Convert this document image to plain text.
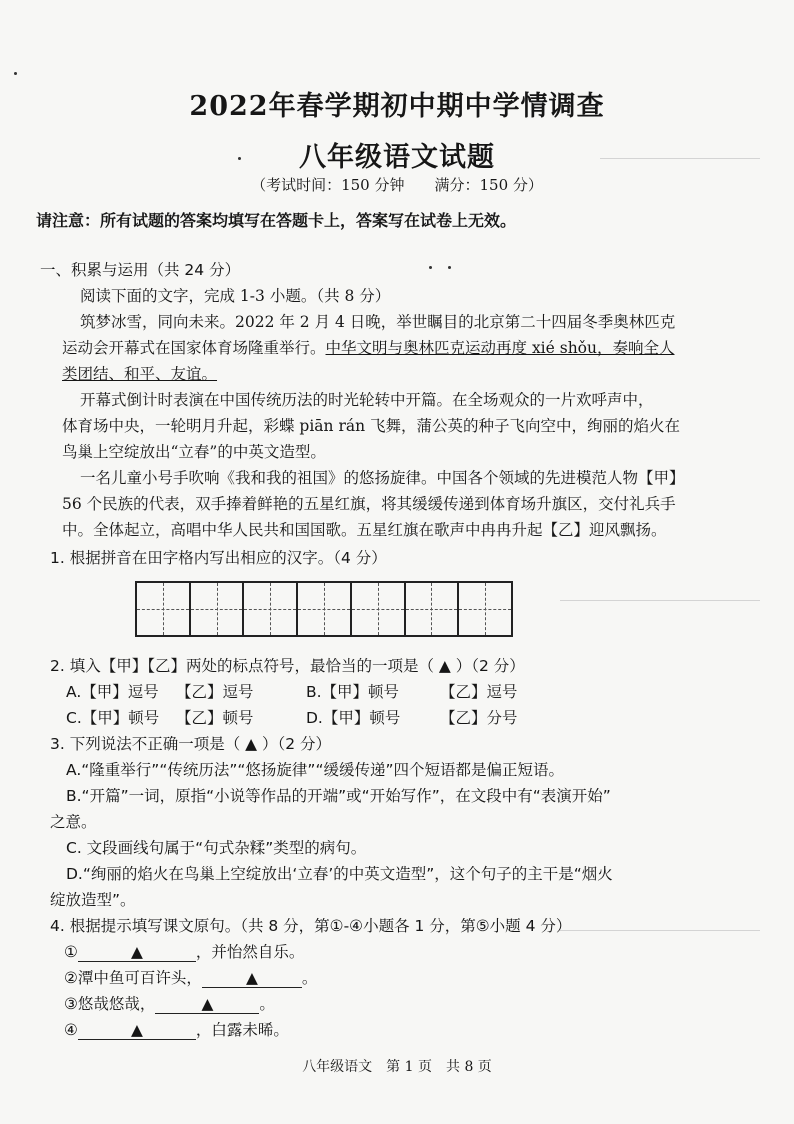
2022年春学期初中期中学情调查
八年级语文试题
（考试时间：150 分钟　　满分：150 分）
请注意：所有试题的答案均填写在答题卡上，答案写在试卷上无效。
一、积累与运用（共 24 分）
阅读下面的文字，完成 1-3 小题。（共 8 分）
筑梦冰雪，同向未来。2022 年 2 月 4 日晚，举世瞩目的北京第二十四届冬季奥林匹克
运动会开幕式在国家体育场隆重举行。中华文明与奥林匹克运动再度 xié shǒu，奏响全人
类团结、和平、友谊。
开幕式倒计时表演在中国传统历法的时光轮转中开篇。在全场观众的一片欢呼声中，
体育场中央，一轮明月升起，彩蝶 piān rán 飞舞，蒲公英的种子飞向空中，绚丽的焰火在
鸟巢上空绽放出“立春”的中英文造型。
一名儿童小号手吹响《我和我的祖国》的悠扬旋律。中国各个领域的先进模范人物【甲】
56 个民族的代表，双手捧着鲜艳的五星红旗，将其缓缓传递到体育场升旗区，交付礼兵手
中。全体起立，高唱中华人民共和国国歌。五星红旗在歌声中冉冉升起【乙】迎风飘扬。
1. 根据拼音在田字格内写出相应的汉字。（4 分）
2. 填入【甲】【乙】两处的标点符号，最恰当的一项是（ ▲ ）（2 分）
A.【甲】逗号 【乙】逗号	B.【甲】顿号	【乙】逗号
C.【甲】顿号 【乙】顿号	D.【甲】顿号	【乙】分号
3. 下列说法不正确一项是（ ▲ ）（2 分）
A.“隆重举行”“传统历法”“悠扬旋律”“缓缓传递”四个短语都是偏正短语。
B.“开篇”一词，原指“小说等作品的开端”或“开始写作”，在文段中有“表演开始”
之意。
C. 文段画线句属于“句式杂糅”类型的病句。
D.“绚丽的焰火在鸟巢上空绽放出‘立春’的中英文造型”，这个句子的主干是“烟火
绽放造型”。
4. 根据提示填写课文原句。（共 8 分，第①-④小题各 1 分，第⑤小题 4 分）
①	▲	，并怡然自乐。
②潭中鱼可百许头，	▲	。
③悠哉悠哉，	▲	。
④	▲	，白露未晞。
八年级语文　第 1 页　共 8 页
